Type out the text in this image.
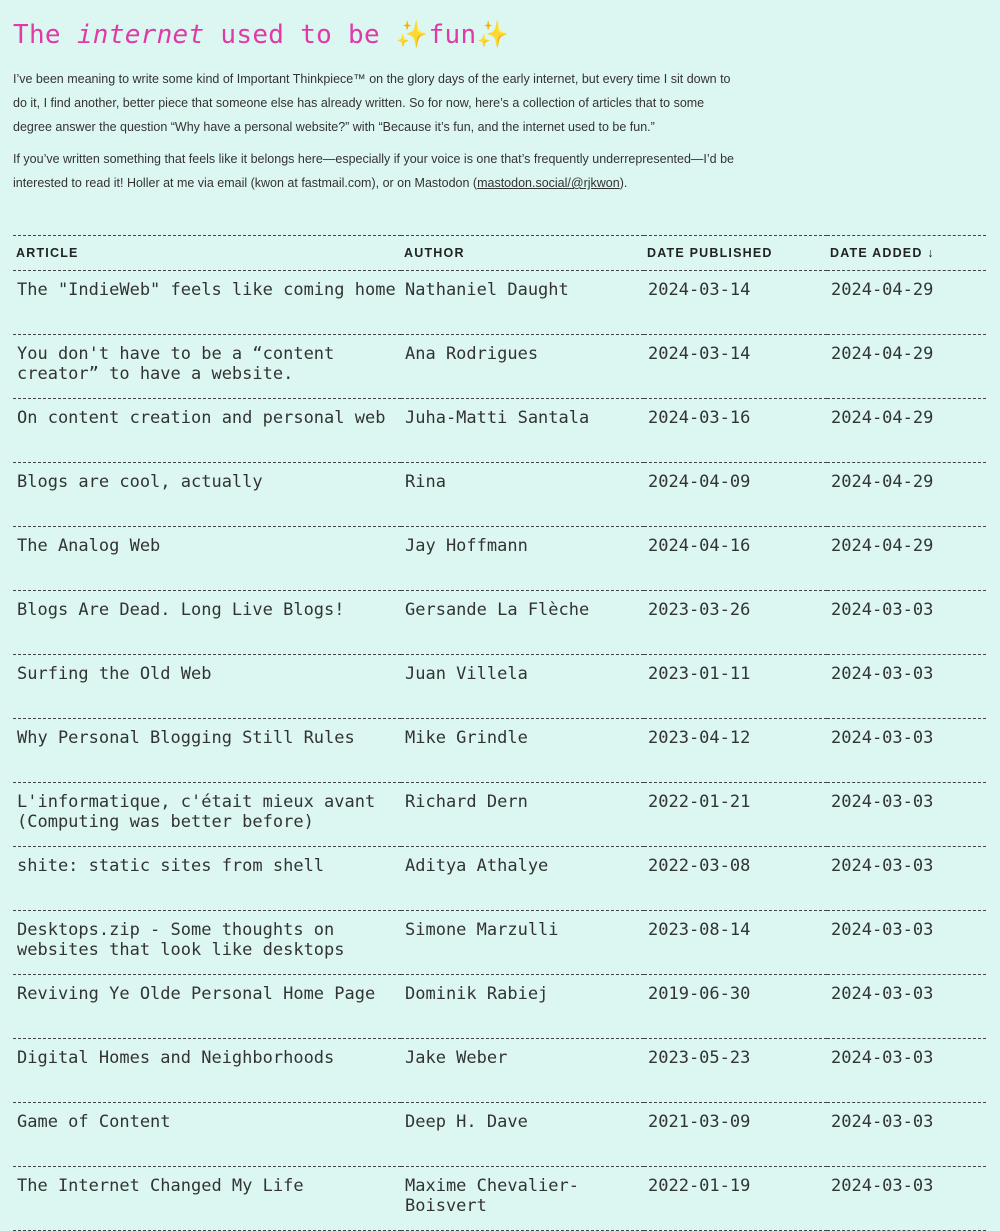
The internet used to be ✨fun✨

I’ve been meaning to write some kind of Important Thinkpiece™ on the glory days of the early internet, but every time I sit down to do it, I find another, better piece that someone else has already written. So for now, here’s a collection of articles that to some degree answer the question “Why have a personal website?” with “Because it’s fun, and the internet used to be fun.”

If you’ve written something that feels like it belongs here—especially if your voice is one that’s frequently underrepresented—I’d be interested to read it! Holler at me via email (kwon at fastmail.com), or on Mastodon (mastodon.social/@rjkwon).

ARTICLE	AUTHOR	DATE PUBLISHED	DATE ADDED ↓
The "IndieWeb" feels like coming home	Nathaniel Daught	2024-03-14	2024-04-29
You don't have to be a “content creator” to have a website.	Ana Rodrigues	2024-03-14	2024-04-29
On content creation and personal web	Juha-Matti Santala	2024-03-16	2024-04-29
Blogs are cool, actually	Rina	2024-04-09	2024-04-29
The Analog Web	Jay Hoffmann	2024-04-16	2024-04-29
Blogs Are Dead. Long Live Blogs!	Gersande La Flèche	2023-03-26	2024-03-03
Surfing the Old Web	Juan Villela	2023-01-11	2024-03-03
Why Personal Blogging Still Rules	Mike Grindle	2023-04-12	2024-03-03
L'informatique, c'était mieux avant (Computing was better before)	Richard Dern	2022-01-21	2024-03-03
shite: static sites from shell	Aditya Athalye	2022-03-08	2024-03-03
Desktops.zip - Some thoughts on websites that look like desktops	Simone Marzulli	2023-08-14	2024-03-03
Reviving Ye Olde Personal Home Page	Dominik Rabiej	2019-06-30	2024-03-03
Digital Homes and Neighborhoods	Jake Weber	2023-05-23	2024-03-03
Game of Content	Deep H. Dave	2021-03-09	2024-03-03
The Internet Changed My Life	Maxime Chevalier-Boisvert	2022-01-19	2024-03-03
